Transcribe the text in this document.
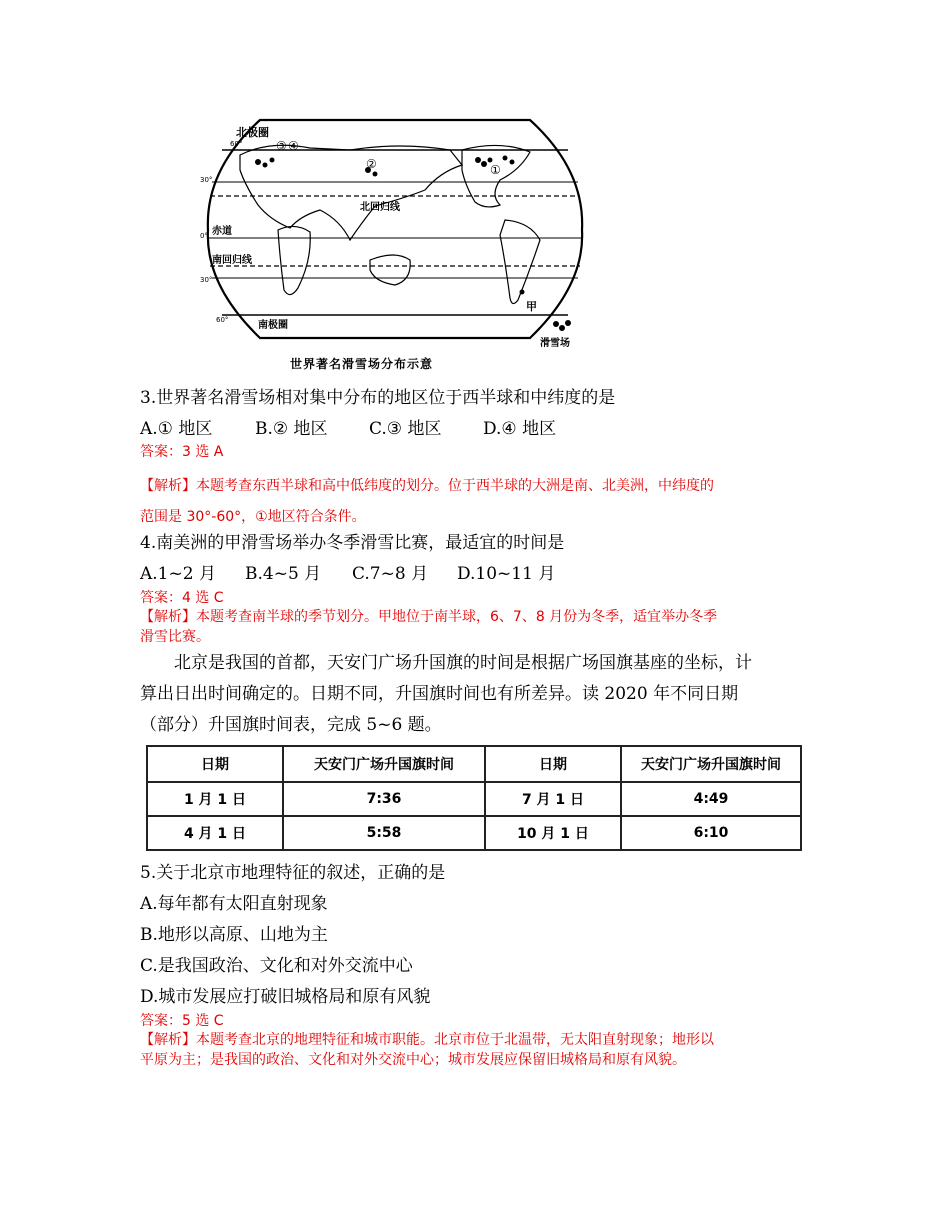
北极圈
③ ④
②	①
北回归线
赤道
南回归线
南极圈
甲
滑雪场
60°
30°
0°
30°
60°
世界著名滑雪场分布示意
3.世界著名滑雪场相对集中分布的地区位于西半球和中纬度的是
A.① 地区	B.② 地区 C.③ 地区 D.④ 地区
答案：3 选 A
【解析】本题考查东西半球和高中低纬度的划分。位于西半球的大洲是南、北美洲，中纬度的
范围是 30°-60°，①地区符合条件。
4.南美洲的甲滑雪场举办冬季滑雪比赛，最适宜的时间是
A.1~2 月 B.4~5 月 C.7~8 月 D.10~11 月
答案：4 选 C
【解析】本题考查南半球的季节划分。甲地位于南半球，6、7、8 月份为冬季，适宜举办冬季
滑雪比赛。
北京是我国的首都，天安门广场升国旗的时间是根据广场国旗基座的坐标，计
算出日出时间确定的。日期不同，升国旗时间也有所差异。读 2020 年不同日期
（部分）升国旗时间表，完成 5~6 题。
日期	天安门广场升国旗时间	日期	天安门广场升国旗时间
1 月 1 日	7:36	7 月 1 日	4:49
4 月 1 日	5:58	10 月 1 日	6:10
5.关于北京市地理特征的叙述，正确的是
A.每年都有太阳直射现象
B.地形以高原、山地为主
C.是我国政治、文化和对外交流中心
D.城市发展应打破旧城格局和原有风貌
答案：5 选 C
【解析】本题考查北京的地理特征和城市职能。北京市位于北温带，无太阳直射现象；地形以
平原为主；是我国的政治、文化和对外交流中心；城市发展应保留旧城格局和原有风貌。
